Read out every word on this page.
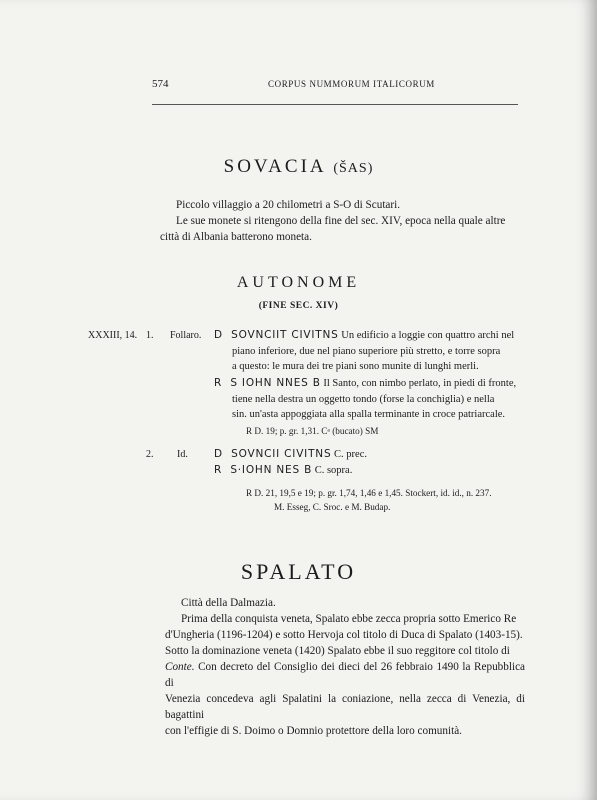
574	CORPUS NUMMORUM ITALICORUM
SOVACIA (ŠAS)

Piccolo villaggio a 20 chilometri a S-O di Scutari.

Le sue monete si ritengono della fine del sec. XIV, epoca nella quale altre

città di Albania batterono moneta.

AUTONOME
(FINE SEC. XIV)
XXXIII, 14. 1. Follaro. D SOVNCIIT CIVITNS Un edificio a loggie con quattro archi nel

piano inferiore, due nel piano superiore più stretto, e torre sopra

a questo: le mura dei tre piani sono munite di lunghi merli.

R S IOHN NNES B Il Santo, con nimbo perlato, in piedi di fronte,

tiene nella destra un oggetto tondo (forse la conchiglia) e nella

sin. un'asta appoggiata alla spalla terminante in croce patriarcale.

R D. 19; p. gr. 1,31. Cᵃ (bucato) SM
2. Id. D SOVNCII CIVITNS C. prec.

R S·IOHN NES B C. sopra.

R D. 21, 19,5 e 19; p. gr. 1,74, 1,46 e 1,45. Stockert, id. id., n. 237.
M. Esseg, C. Sroc. e M. Budap.
SPALATO

Città della Dalmazia.

Prima della conquista veneta, Spalato ebbe zecca propria sotto Emerico Re

d'Ungheria (1196-1204) e sotto Hervoja col titolo di Duca di Spalato (1403-15).

Sotto la dominazione veneta (1420) Spalato ebbe il suo reggitore col titolo di

Conte. Con decreto del Consiglio dei dieci del 26 febbraio 1490 la Repubblica di

Venezia concedeva agli Spalatini la coniazione, nella zecca di Venezia, di bagattini

con l'effigie di S. Doimo o Domnio protettore della loro comunità.
